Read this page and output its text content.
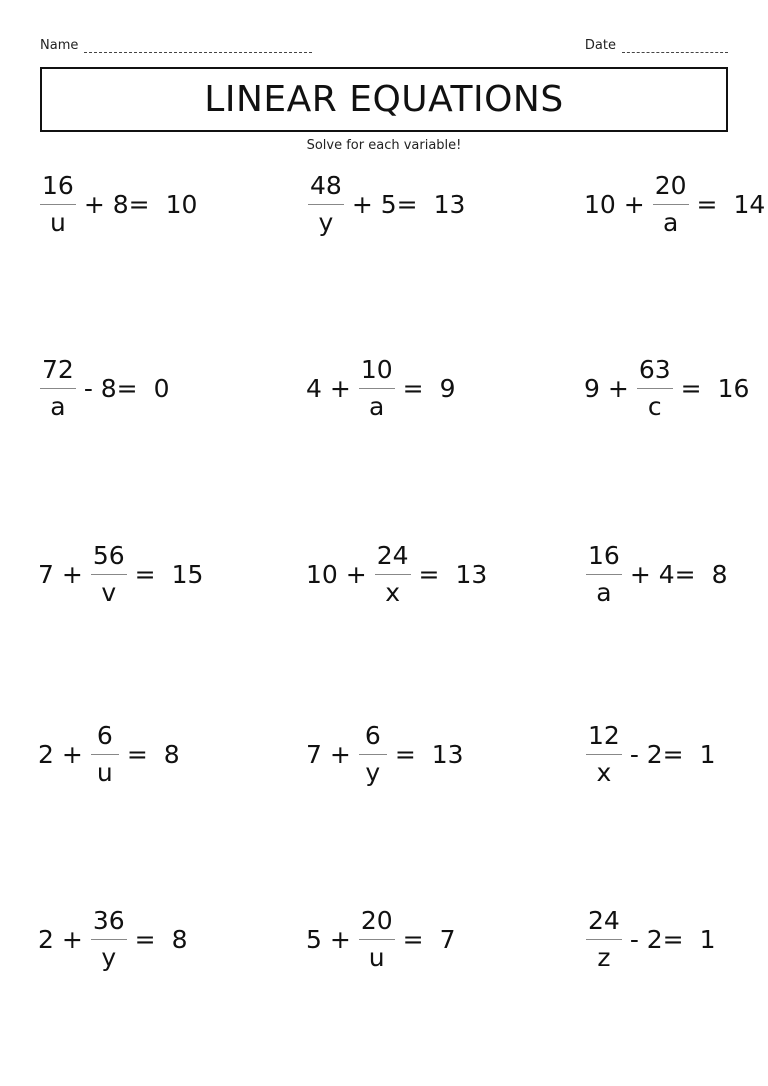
Name	Date
LINEAR EQUATIONS
Solve for each variable!
$\frac{16}{u} + 8= 10$	$\frac{48}{y} + 5= 13$	$10 + \frac{20}{a} = 14$
$\frac{72}{a} - 8= 0$	$4 + \frac{10}{a} = 9$	$9 + \frac{63}{c} = 16$
$7 + \frac{56}{v} = 15$	$10 + \frac{24}{x} = 13$	$\frac{16}{a} + 4= 8$
$2 + \frac{6}{u} = 8$	$7 + \frac{6}{y} = 13$	$\frac{12}{x} - 2= 1$
$2 + \frac{36}{y} = 8$	$5 + \frac{20}{u} = 7$	$\frac{24}{z} - 2= 1$
